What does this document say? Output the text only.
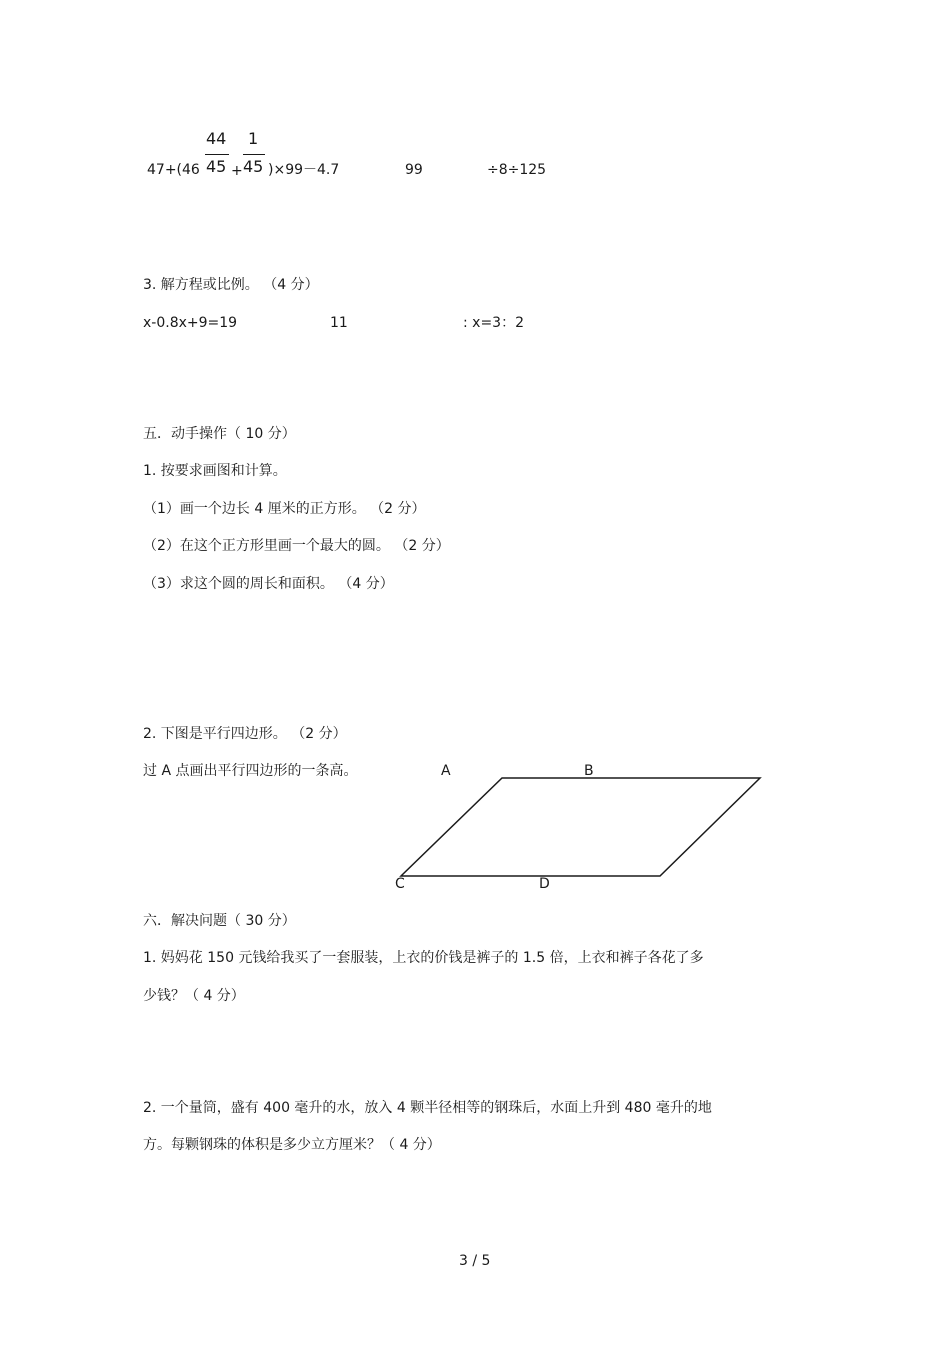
47+(46
44
45 +
1
45 )×99－4.7	99	÷8÷125
3. 解方程或比例。 （4 分）
x-0.8x+9=19	11	: x=3：2
五．动手操作（ 10 分）
1. 按要求画图和计算。
（1）画一个边长 4 厘米的正方形。 （2 分）
（2）在这个正方形里画一个最大的圆。 （2 分）
（3）求这个圆的周长和面积。 （4 分）
2. 下图是平行四边形。 （2 分）
过 A 点画出平行四边形的一条高。	A	B
C	D
六．解决问题（ 30 分）
1. 妈妈花 150 元钱给我买了一套服装，上衣的价钱是裤子的 1.5 倍，上衣和裤子各花了多
少钱？（ 4 分）
2. 一个量筒，盛有 400 毫升的水，放入 4 颗半径相等的钢珠后，水面上升到 480 毫升的地
方。每颗钢珠的体积是多少立方厘米？（ 4 分）
3 / 5
